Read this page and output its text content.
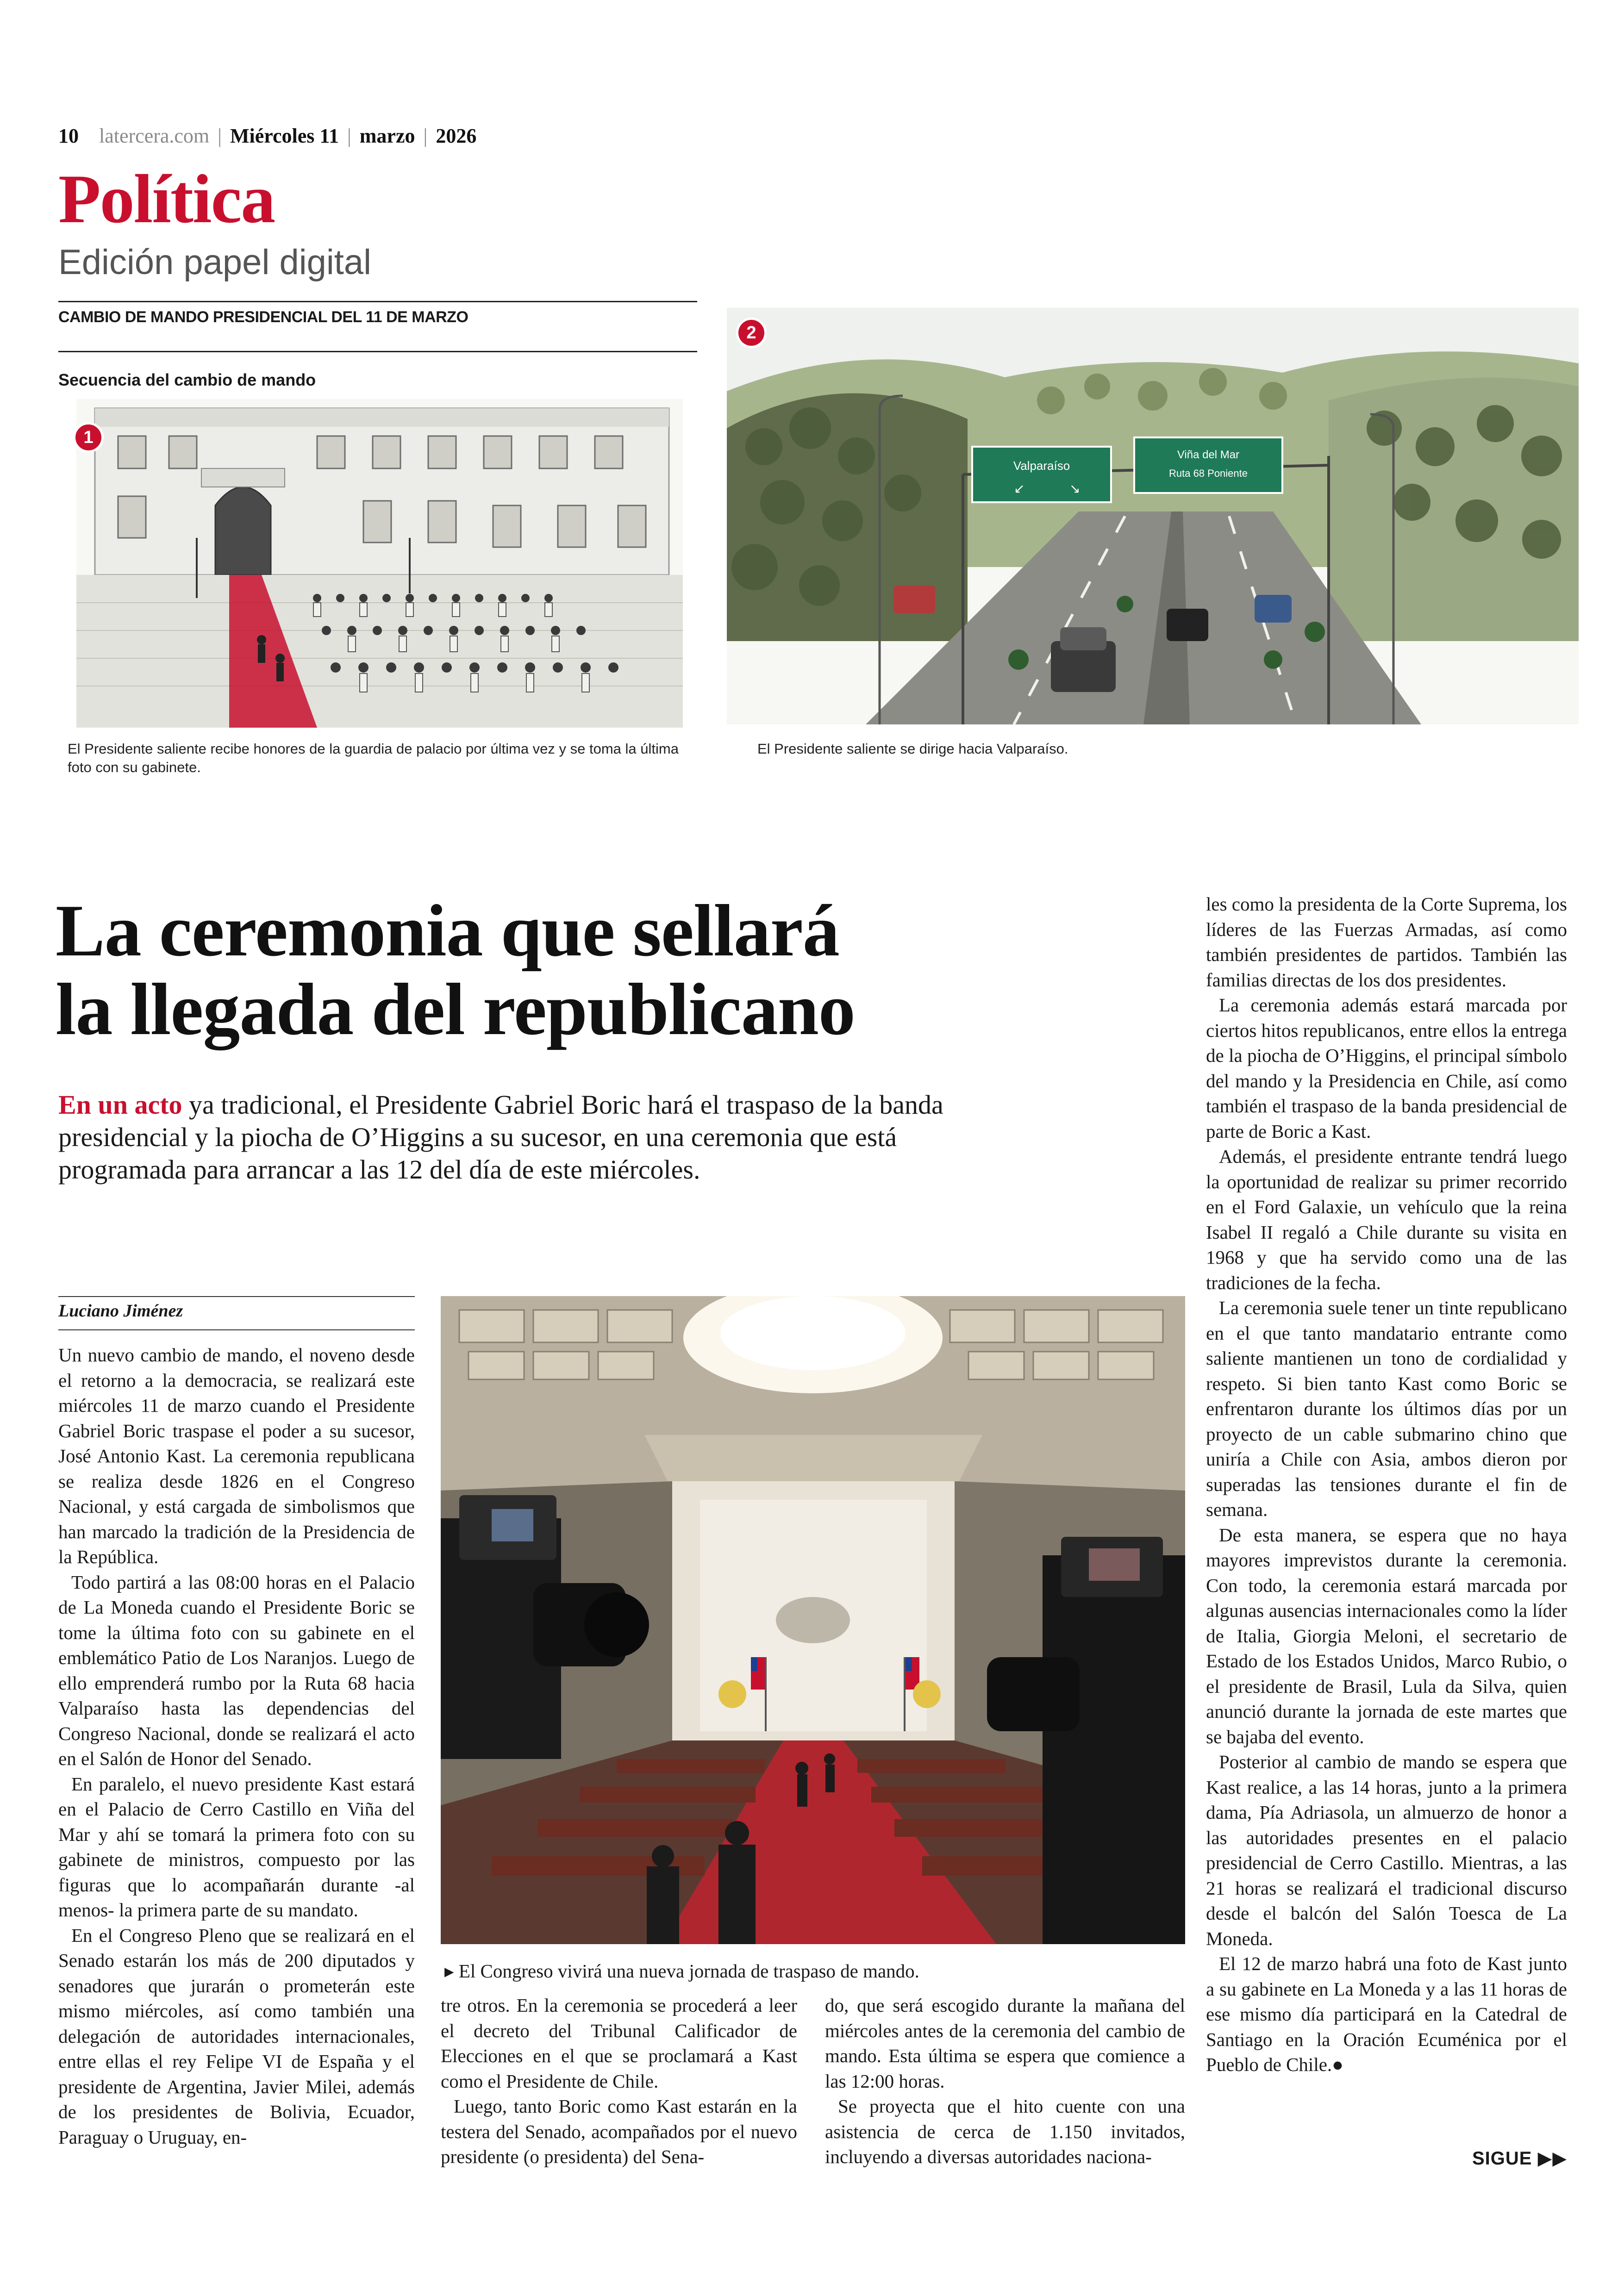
10 latercera.com | Miércoles 11 | marzo | 2026
Política
Edición papel digital
CAMBIO DE MANDO PRESIDENCIAL DEL 11 DE MARZO
Secuencia del cambio de mando
1
Valparaíso
↙	↘
Viña del Mar
Ruta 68 Poniente
2
El Presidente saliente recibe honores de la guardia de palacio por última vez y se toma la última foto con su gabinete.
El Presidente saliente se dirige hacia Valparaíso.
La ceremonia que sellará
la llegada del republicano
En un acto ya tradicional, el Presidente Gabriel Boric hará el traspaso de la banda presidencial y la piocha de O’Higgins a su sucesor, en una ceremonia que está programada para arrancar a las 12 del día de este miércoles.
Luciano Jiménez

Un nuevo cambio de mando, el noveno desde el retorno a la democracia, se realizará este miércoles 11 de marzo cuando el Presidente Gabriel Boric traspase el poder a su sucesor, José Antonio Kast. La ceremonia republicana se realiza desde 1826 en el Congreso Nacional, y está cargada de simbolismos que han marcado la tradición de la Presidencia de la República.

Todo partirá a las 08:00 horas en el Palacio de La Moneda cuando el Presidente Boric se tome la última foto con su gabinete en el emblemático Patio de Los Naranjos. Luego de ello emprenderá rumbo por la Ruta 68 hacia Valparaíso hasta las dependencias del Congreso Nacional, donde se realizará el acto en el Salón de Honor del Senado.

En paralelo, el nuevo presidente Kast estará en el Palacio de Cerro Castillo en Viña del Mar y ahí se tomará la primera foto con su gabinete de ministros, compuesto por las figuras que lo acompañarán durante -al menos- la primera parte de su mandato.

En el Congreso Pleno que se realizará en el Senado estarán los más de 200 diputados y senadores que jurarán o prometerán este mismo miércoles, así como también una delegación de autoridades internacionales, entre ellas el rey Felipe VI de España y el presidente de Argentina, Javier Milei, además de los presidentes de Bolivia, Ecuador, Paraguay o Uruguay, en-

▸ El Congreso vivirá una nueva jornada de traspaso de mando.

tre otros. En la ceremonia se procederá a leer el decreto del Tribunal Calificador de Elecciones en el que se proclamará a Kast como el Presidente de Chile.

Luego, tanto Boric como Kast estarán en la testera del Senado, acompañados por el nuevo presidente (o presidenta) del Sena-

do, que será escogido durante la mañana del miércoles antes de la ceremonia del cambio de mando. Esta última se espera que comience a las 12:00 horas.

Se proyecta que el hito cuente con una asistencia de cerca de 1.150 invitados, incluyendo a diversas autoridades naciona-

les como la presidenta de la Corte Suprema, los líderes de las Fuerzas Armadas, así como también presidentes de partidos. También las familias directas de los dos presidentes.

La ceremonia además estará marcada por ciertos hitos republicanos, entre ellos la entrega de la piocha de O’Higgins, el principal símbolo del mando y la Presidencia en Chile, así como también el traspaso de la banda presidencial de parte de Boric a Kast.

Además, el presidente entrante tendrá luego la oportunidad de realizar su primer recorrido en el Ford Galaxie, un vehículo que la reina Isabel II regaló a Chile durante su visita en 1968 y que ha servido como una de las tradiciones de la fecha.

La ceremonia suele tener un tinte republicano en el que tanto mandatario entrante como saliente mantienen un tono de cordialidad y respeto. Si bien tanto Kast como Boric se enfrentaron durante los últimos días por un proyecto de un cable submarino chino que uniría a Chile con Asia, ambos dieron por superadas las tensiones durante el fin de semana.

De esta manera, se espera que no haya mayores imprevistos durante la ceremonia. Con todo, la ceremonia estará marcada por algunas ausencias internacionales como la líder de Italia, Giorgia Meloni, el secretario de Estado de los Estados Unidos, Marco Rubio, o el presidente de Brasil, Lula da Silva, quien anunció durante la jornada de este martes que se bajaba del evento.

Posterior al cambio de mando se espera que Kast realice, a las 14 horas, junto a la primera dama, Pía Adriasola, un almuerzo de honor a las autoridades presentes en el palacio presidencial de Cerro Castillo. Mientras, a las 21 horas se realizará el tradicional discurso desde el balcón del Salón Toesca de La Moneda.

El 12 de marzo habrá una foto de Kast junto a su gabinete en La Moneda y a las 11 horas de ese mismo día participará en la Catedral de Santiago en la Oración Ecuménica por el Pueblo de Chile.●

SIGUE ▶▶
